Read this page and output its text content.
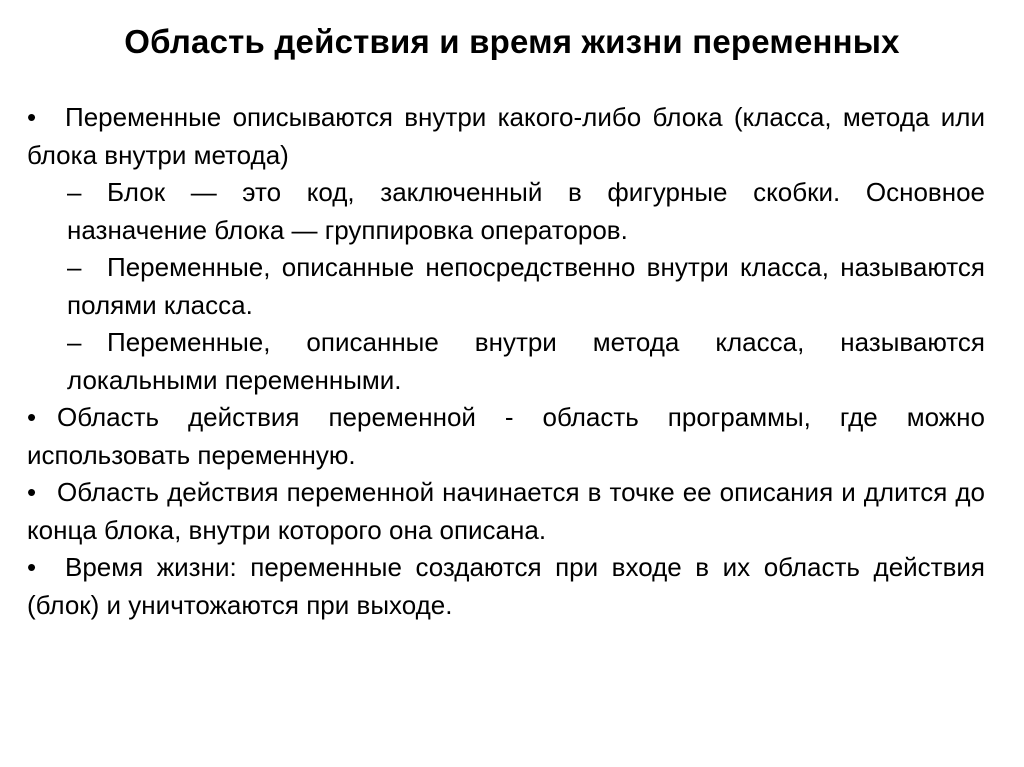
Область действия и время жизни переменных

• Переменные описываются внутри какого-либо блока (класса, метода или блока внутри метода)

– Блок — это код, заключенный в фигурные скобки. Основное назначение блока — группировка операторов.

– Переменные, описанные непосредственно внутри класса, называются полями класса.

– Переменные, описанные внутри метода класса, называются локальными переменными.

• Область действия переменной - область программы, где можно использовать переменную.

• Область действия переменной начинается в точке ее описания и длится до конца блока, внутри которого она описана.

• Время жизни: переменные создаются при входе в их область действия (блок) и уничтожаются при выходе.
